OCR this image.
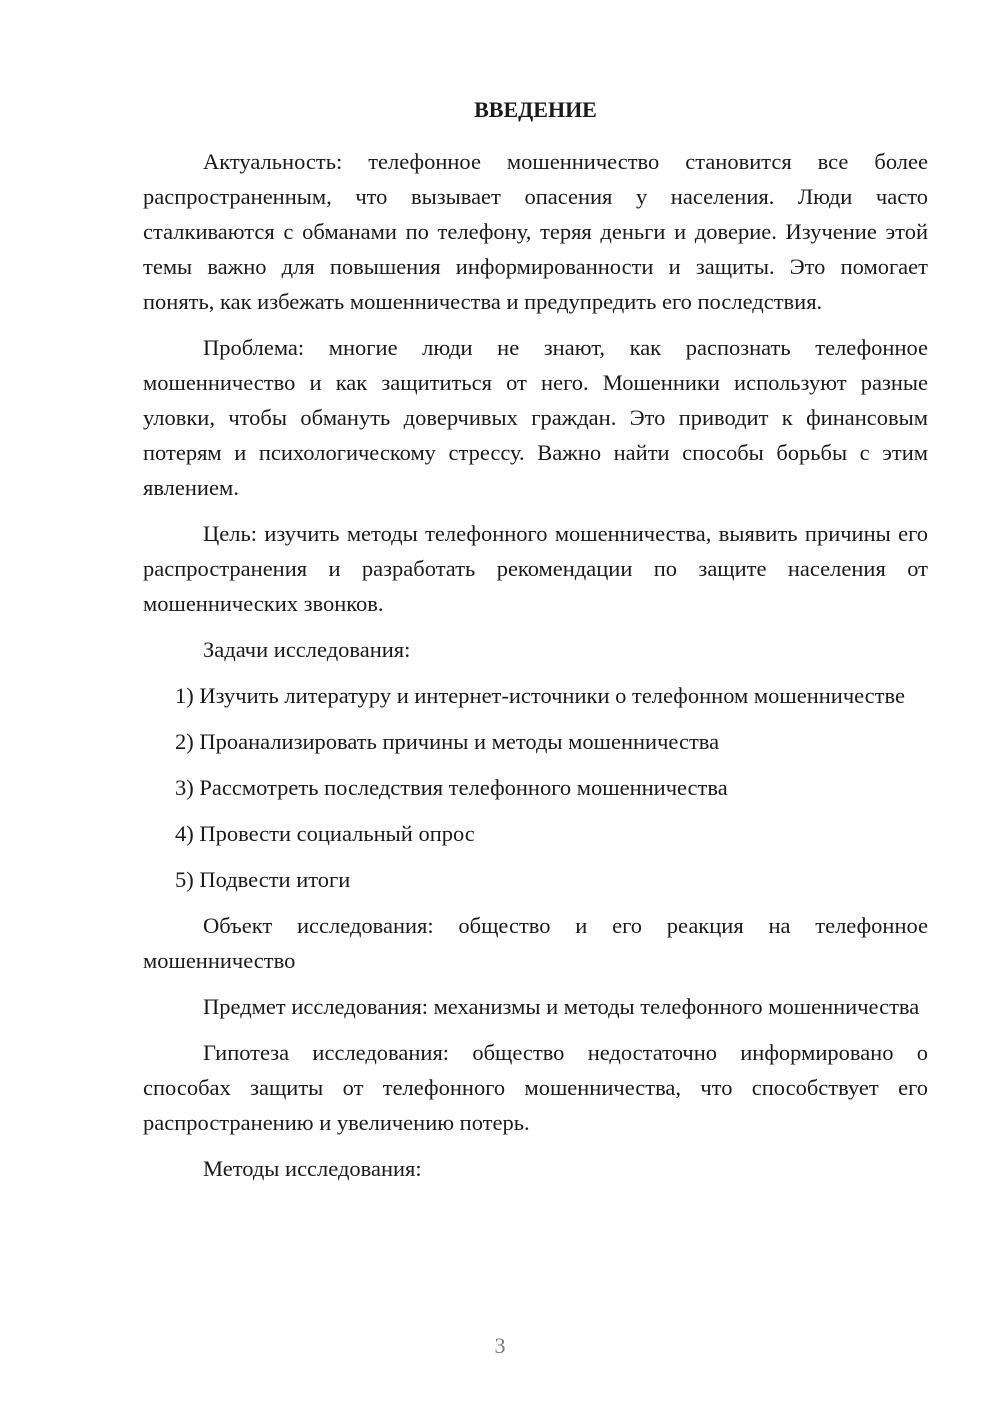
ВВЕДЕНИЕ

Актуальность: телефонное мошенничество становится все более распространенным, что вызывает опасения у населения. Люди часто сталкиваются с обманами по телефону, теряя деньги и доверие. Изучение этой темы важно для повышения информированности и защиты. Это помогает понять, как избежать мошенничества и предупредить его последствия.

Проблема: многие люди не знают, как распознать телефонное мошенничество и как защититься от него. Мошенники используют разные уловки, чтобы обмануть доверчивых граждан. Это приводит к финансовым потерям и психологическому стрессу. Важно найти способы борьбы с этим явлением.

Цель: изучить методы телефонного мошенничества, выявить причины его распространения и разработать рекомендации по защите населения от мошеннических звонков.

Задачи исследования:

1) Изучить литературу и интернет-источники о телефонном мошенничестве

2) Проанализировать причины и методы мошенничества

3) Рассмотреть последствия телефонного мошенничества

4) Провести социальный опрос

5) Подвести итоги

Объект исследования: общество и его реакция на телефонное мошенничество

Предмет исследования: механизмы и методы телефонного мошенничества

Гипотеза исследования: общество недостаточно информировано о способах защиты от телефонного мошенничества, что способствует его распространению и увеличению потерь.

Методы исследования:

3
